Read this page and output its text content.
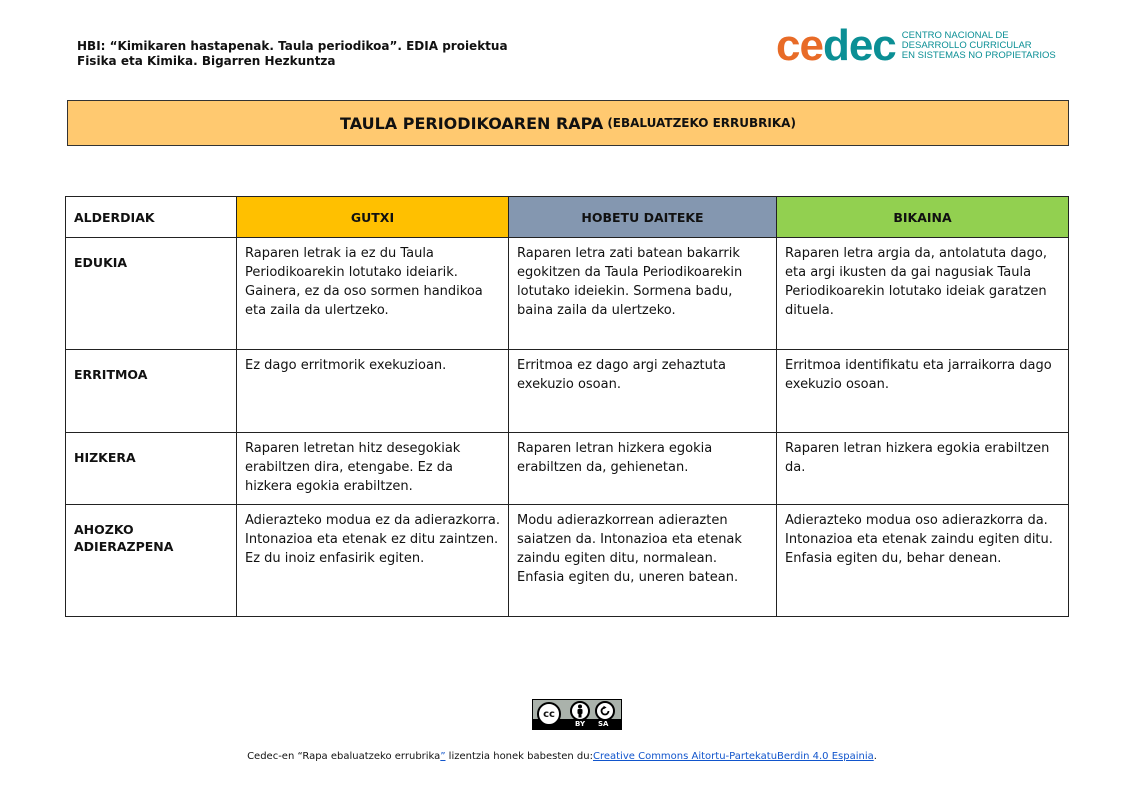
HBI: “Kimikaren hastapenak. Taula periodikoa”. EDIA proiektua
Fisika eta Kimika. Bigarren Hezkuntza	cedec CENTRO NACIONAL DE
DESARROLLO CURRICULAR
EN SISTEMAS NO PROPIETARIOS
TAULA PERIODIKOAREN RAPA (EBALUATZEKO ERRUBRIKA)
ALDERDIAK	GUTXI	HOBETU DAITEKE	BIKAINA
EDUKIA	Raparen letrak ia ez du Taula Periodikoarekin lotutako ideiarik. Gainera, ez da oso sormen handikoa eta zaila da ulertzeko.	Raparen letra zati batean bakarrik egokitzen da Taula Periodikoarekin lotutako ideiekin. Sormena badu, baina zaila da ulertzeko.	Raparen letra argia da, antolatuta dago, eta argi ikusten da gai nagusiak Taula Periodikoarekin lotutako ideiak garatzen dituela.
ERRITMOA	Ez dago erritmorik exekuzioan.	Erritmoa ez dago argi zehaztuta exekuzio osoan.	Erritmoa identifikatu eta jarraikorra dago exekuzio osoan.
HIZKERA	Raparen letretan hitz desegokiak erabiltzen dira, etengabe. Ez da hizkera egokia erabiltzen.	Raparen letran hizkera egokia erabiltzen da, gehienetan.	Raparen letran hizkera egokia erabiltzen da.
AHOZKO ADIERAZPENA	Adierazteko modua ez da adierazkorra. Intonazioa eta etenak ez ditu zaintzen. Ez du inoiz enfasirik egiten.	Modu adierazkorrean adierazten saiatzen da. Intonazioa eta etenak zaindu egiten ditu, normalean. Enfasia egiten du, uneren batean.	Adierazteko modua oso adierazkorra da. Intonazioa eta etenak zaindu egiten ditu. Enfasia egiten du, behar denean.
cc
BY SA
Cedec-en “Rapa ebaluatzeko errubrika” lizentzia honek babesten du:Creative Commons Aitortu-PartekatuBerdin 4.0 Espainia.
